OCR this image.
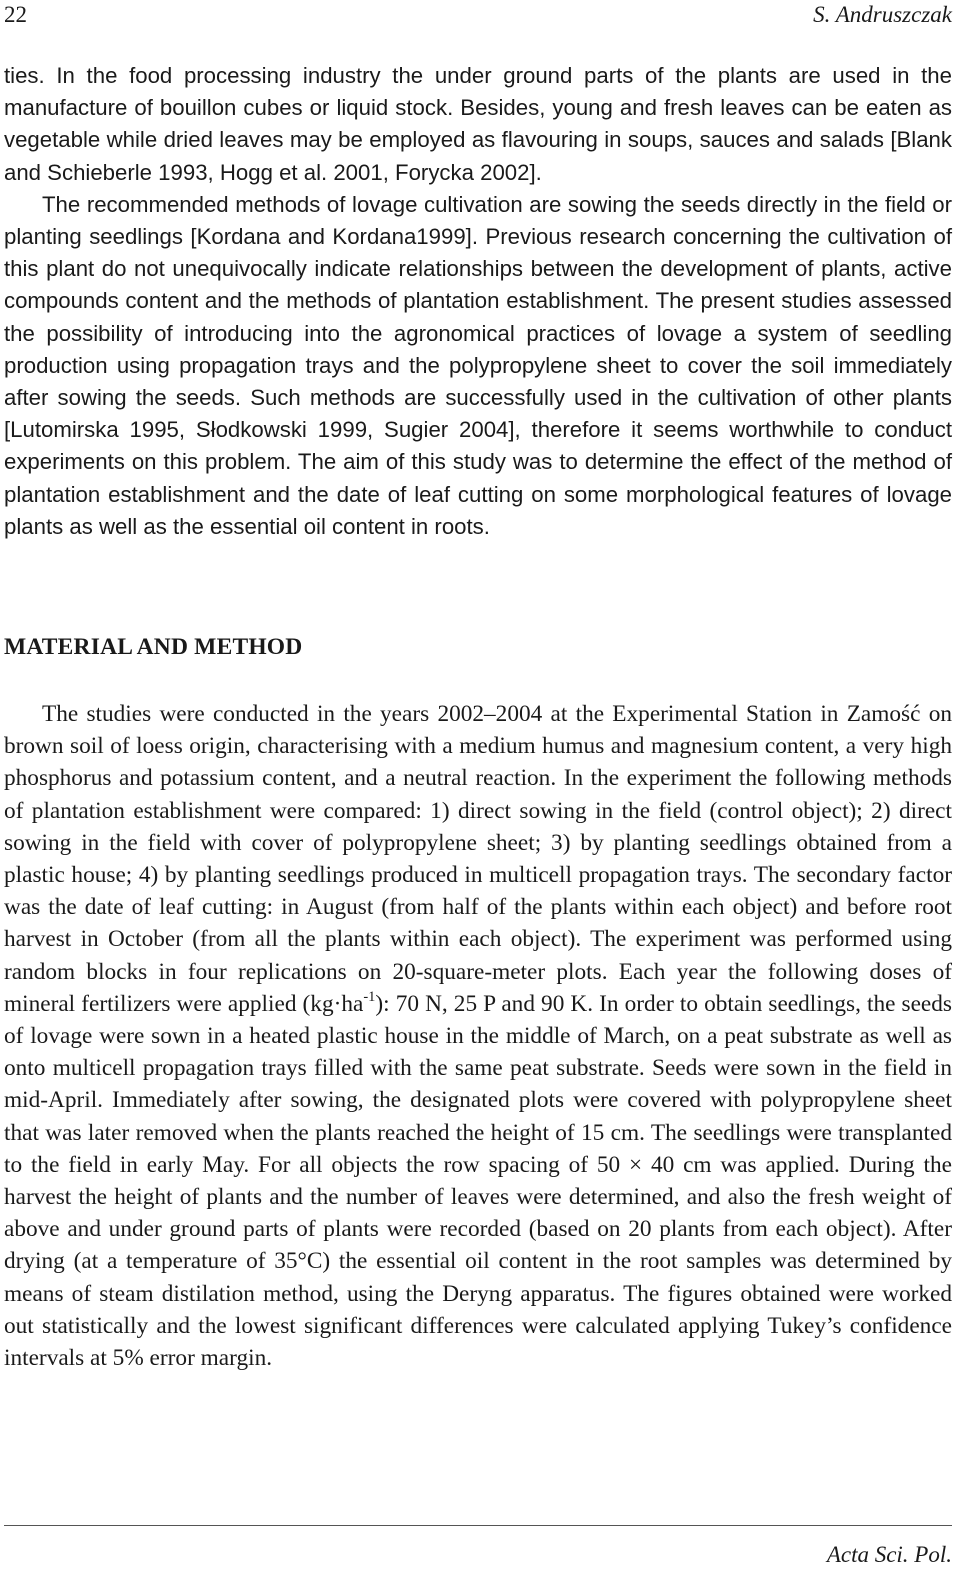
22	S. Andruszczak

ties. In the food processing industry the under ground parts of the plants are used in the manufacture of bouillon cubes or liquid stock. Besides, young and fresh leaves can be eaten as vegetable while dried leaves may be employed as flavouring in soups, sauces and salads [Blank and Schieberle 1993, Hogg et al. 2001, Forycka 2002].

The recommended methods of lovage cultivation are sowing the seeds directly in the field or planting seedlings [Kordana and Kordana1999]. Previous research concerning the cultivation of this plant do not unequivocally indicate relationships between the development of plants, active compounds content and the methods of plantation establishment. The present studies assessed the possibility of introducing into the agronomical practices of lovage a system of seedling production using propagation trays and the polypropylene sheet to cover the soil immediately after sowing the seeds. Such methods are successfully used in the cultivation of other plants [Lutomirska 1995, Słodkowski 1999, Sugier 2004], therefore it seems worthwhile to conduct experiments on this problem. The aim of this study was to determine the effect of the method of plantation establishment and the date of leaf cutting on some morphological features of lovage plants as well as the essential oil content in roots.

MATERIAL AND METHOD

The studies were conducted in the years 2002–2004 at the Experimental Station in Zamość on brown soil of loess origin, characterising with a medium humus and magnesium content, a very high phosphorus and potassium content, and a neutral reaction. In the experiment the following methods of plantation establishment were compared: 1) direct sowing in the field (control object); 2) direct sowing in the field with cover of polypropylene sheet; 3) by planting seedlings obtained from a plastic house; 4) by planting seedlings produced in multicell propagation trays. The secondary factor was the date of leaf cutting: in August (from half of the plants within each object) and before root harvest in October (from all the plants within each object). The experiment was performed using random blocks in four replications on 20-square-meter plots. Each year the following doses of mineral fertilizers were applied $(kg\cdot ha^{-1})$: 70 N, 25 P and 90 K. In order to obtain seedlings, the seeds of lovage were sown in a heated plastic house in the middle of March, on a peat substrate as well as onto multicell propagation trays filled with the same peat substrate. Seeds were sown in the field in mid-April. Immediately after sowing, the designated plots were covered with polypropylene sheet that was later removed when the plants reached the height of 15 cm. The seedlings were transplanted to the field in early May. For all objects the row spacing of 50 × 40 cm was applied. During the harvest the height of plants and the number of leaves were determined, and also the fresh weight of above and under ground parts of plants were recorded (based on 20 plants from each object). After drying (at a temperature of 35°C) the essential oil content in the root samples was determined by means of steam distilation method, using the Deryng apparatus. The figures obtained were worked out statistically and the lowest significant differences were calculated applying Tukey’s confidence intervals at 5% error margin.

Acta Sci. Pol.
